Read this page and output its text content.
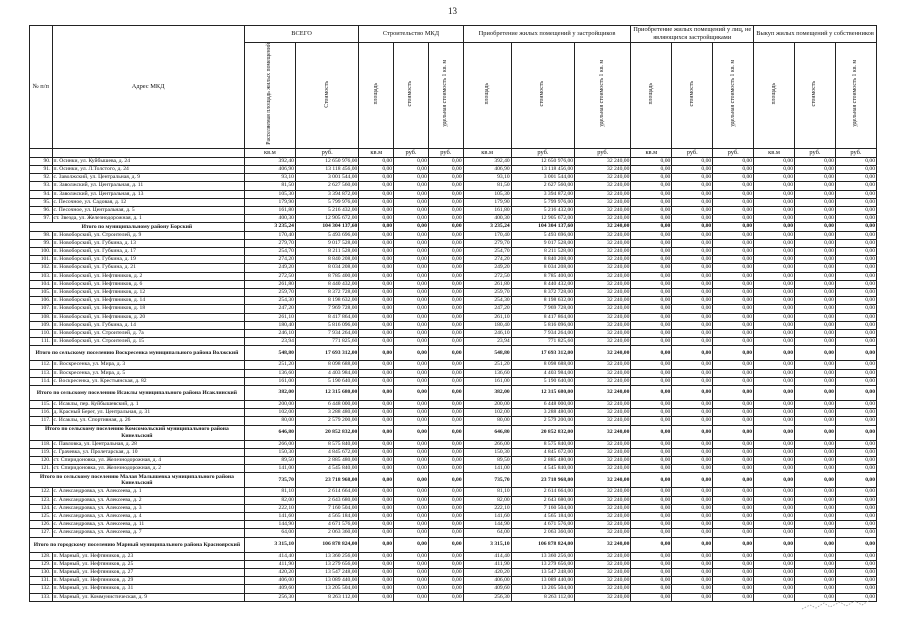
13
№ п/п	Адрес МКД	ВСЕГО		Строительство МКД			Приобретение жилых помещений у застройщиков			Приобретение жилых помещений у лиц, не являющихся застройщиками			Выкуп жилых помещений у собственников		
		Расселяемая площадь жилых помещений	Стоимость	площадь	стоимость	удельная стоимость 1 кв. м	площадь	стоимость	удельная стоимость 1 кв. м	площадь	стоимость	удельная стоимость 1 кв. м	площадь	стоимость	удельная стоимость 1 кв. м
		кв.м	руб.	кв.м	руб.	руб.	кв.м	руб.	руб.	кв.м	руб.	руб.	кв.м	руб.	руб.
90.	п. Осинки, ул. Куйбышева, д. 24	392,40	12 650 976,00	0,00	0,00	0,00	392,40	12 650 976,00	32 240,00	0,00	0,00	0,00	0,00	0,00	0,00
91.	п. Осинки, ул. Л.Толстого, д. 24	406,90	13 118 456,00	0,00	0,00	0,00	406,90	13 118 456,00	32 240,00	0,00	0,00	0,00	0,00	0,00	0,00
92.	с. Заволжский, ул. Центральная, д. 9	93,10	3 001 544,00	0,00	0,00	0,00	93,10	3 001 544,00	32 240,00	0,00	0,00	0,00	0,00	0,00	0,00
93.	п. Заволжский, ул. Центральная, д. 11	81,50	2 627 560,00	0,00	0,00	0,00	81,50	2 627 560,00	32 240,00	0,00	0,00	0,00	0,00	0,00	0,00
94.	п. Заволжский, ул. Центральная, д. 13	105,30	3 394 872,00	0,00	0,00	0,00	105,30	3 394 872,00	32 240,00	0,00	0,00	0,00	0,00	0,00	0,00
95.	с. Песочное, ул. Садовая, д. 12	179,90	5 799 976,00	0,00	0,00	0,00	179,90	5 799 976,00	32 240,00	0,00	0,00	0,00	0,00	0,00	0,00
96.	с. Песочное, ул. Центральная, д. 5	161,80	5 216 432,00	0,00	0,00	0,00	161,80	5 216 432,00	32 240,00	0,00	0,00	0,00	0,00	0,00	0,00
97.	ст. Звезда, ул. Железнодорожная, д. 1	400,30	12 905 672,00	0,00	0,00	0,00	400,30	12 905 672,00	32 240,00	0,00	0,00	0,00	0,00	0,00	0,00
Итого по муниципальному району Борский		3 235,24	104 304 137,60	0,00	0,00	0,00	3 235,24	104 304 137,60	32 240,00	0,00	0,00	0,00	0,00	0,00	0,00
98.	п. Новоборский, ул. Строителей, д. 9	170,40	5 493 696,00	0,00	0,00	0,00	170,40	5 493 696,00	32 240,00	0,00	0,00	0,00	0,00	0,00	0,00
99.	п. Новоборский, ул. Губкина, д. 13	279,70	9 017 528,00	0,00	0,00	0,00	279,70	9 017 528,00	32 240,00	0,00	0,00	0,00	0,00	0,00	0,00
100.	п. Новоборский, ул. Губкина, д. 17	254,70	8 211 528,00	0,00	0,00	0,00	254,70	8 211 528,00	32 240,00	0,00	0,00	0,00	0,00	0,00	0,00
101.	п. Новоборский, ул. Губкина, д. 19	274,20	8 840 208,00	0,00	0,00	0,00	274,20	8 840 208,00	32 240,00	0,00	0,00	0,00	0,00	0,00	0,00
102.	п. Новоборский, ул. Губкина, д. 21	249,20	8 034 208,00	0,00	0,00	0,00	249,20	8 034 208,00	32 240,00	0,00	0,00	0,00	0,00	0,00	0,00
103.	п. Новоборский, ул. Нефтяников, д. 2	272,50	8 785 400,00	0,00	0,00	0,00	272,50	8 785 400,00	32 240,00	0,00	0,00	0,00	0,00	0,00	0,00
104.	п. Новоборский, ул. Нефтяников, д. 6	261,80	8 440 432,00	0,00	0,00	0,00	261,80	8 440 432,00	32 240,00	0,00	0,00	0,00	0,00	0,00	0,00
105.	п. Новоборский, ул. Нефтяников, д. 12	259,70	8 372 728,00	0,00	0,00	0,00	259,70	8 372 728,00	32 240,00	0,00	0,00	0,00	0,00	0,00	0,00
106.	п. Новоборский, ул. Нефтяников, д. 14	254,30	8 198 632,00	0,00	0,00	0,00	254,30	8 198 632,00	32 240,00	0,00	0,00	0,00	0,00	0,00	0,00
107.	п. Новоборский, ул. Нефтяников, д. 18	247,20	7 969 728,00	0,00	0,00	0,00	247,20	7 969 728,00	32 240,00	0,00	0,00	0,00	0,00	0,00	0,00
108.	п. Новоборский, ул. Нефтяников, д. 20	261,10	8 417 864,00	0,00	0,00	0,00	261,10	8 417 864,00	32 240,00	0,00	0,00	0,00	0,00	0,00	0,00
109.	п. Новоборский, ул. Губкина, д. 14	180,40	5 816 096,00	0,00	0,00	0,00	180,40	5 816 096,00	32 240,00	0,00	0,00	0,00	0,00	0,00	0,00
110.	п. Новоборский, ул. Строителей, д. 7а	246,10	7 934 264,00	0,00	0,00	0,00	246,10	7 934 264,00	32 240,00	0,00	0,00	0,00	0,00	0,00	0,00
111.	п. Новоборский, ул. Строителей, д. 15	23,94	771 825,60	0,00	0,00	0,00	23,94	771 825,60	32 240,00	0,00	0,00	0,00	0,00	0,00	0,00
Итого по сельскому поселению Воскресенка муниципального района Волжский		548,80	17 693 312,00	0,00	0,00	0,00	548,80	17 693 312,00	32 240,00	0,00	0,00	0,00	0,00	0,00	0,00
112.	п. Воскресенка, ул. Мира, д. 3	251,20	8 098 688,00	0,00	0,00	0,00	251,20	8 098 688,00	32 240,00	0,00	0,00	0,00	0,00	0,00	0,00
113.	п. Воскресенка, ул. Мира, д. 5	136,60	4 403 984,00	0,00	0,00	0,00	136,60	4 403 984,00	32 240,00	0,00	0,00	0,00	0,00	0,00	0,00
114.	с. Воскресенка, ул. Крестьянская, д. 82	161,00	5 190 640,00	0,00	0,00	0,00	161,00	5 190 640,00	32 240,00	0,00	0,00	0,00	0,00	0,00	0,00
Итого по сельскому поселению Исаклы муниципального района Исаклинский		382,00	12 315 680,00	0,00	0,00	0,00	382,00	12 315 680,00	32 240,00	0,00	0,00	0,00	0,00	0,00	0,00
115.	с. Исаклы, пер. Куйбышевский, д. 1	200,00	6 448 000,00	0,00	0,00	0,00	200,00	6 448 000,00	32 240,00	0,00	0,00	0,00	0,00	0,00	0,00
116.	д. Красный Берег, ул. Центральная, д. 31	102,00	3 288 480,00	0,00	0,00	0,00	102,00	3 288 480,00	32 240,00	0,00	0,00	0,00	0,00	0,00	0,00
117.	с. Исаклы, ул. Спортивная, д. 26	80,00	2 579 200,00	0,00	0,00	0,00	80,00	2 579 200,00	32 240,00	0,00	0,00	0,00	0,00	0,00	0,00
Итого по сельскому поселению Комсомольский муниципального района Кинельский		646,80	20 852 832,00	0,00	0,00	0,00	646,80	20 852 832,00	32 240,00	0,00	0,00	0,00	0,00	0,00	0,00
118.	с. Павловка, ул. Центральная, д. 28	266,00	8 575 840,00	0,00	0,00	0,00	266,00	8 575 840,00	32 240,00	0,00	0,00	0,00	0,00	0,00	0,00
119.	с. Грачевка, ул. Пролетарская, д. 10	150,30	4 845 672,00	0,00	0,00	0,00	150,30	4 845 672,00	32 240,00	0,00	0,00	0,00	0,00	0,00	0,00
120.	ст. Спиридоновка, ул. Железнодорожная, д. 4	89,50	2 885 480,00	0,00	0,00	0,00	89,50	2 885 480,00	32 240,00	0,00	0,00	0,00	0,00	0,00	0,00
121.	ст. Спиридоновка, ул. Железнодорожная, д. 2	141,00	4 545 840,00	0,00	0,00	0,00	141,00	4 545 840,00	32 240,00	0,00	0,00	0,00	0,00	0,00	0,00
Итого по сельскому поселению Малая Малышевка муниципального района Кинельский		735,70	23 718 968,00	0,00	0,00	0,00	735,70	23 718 968,00	32 240,00	0,00	0,00	0,00	0,00	0,00	0,00
122.	с. Александровка, ул. Алексеева, д. 1	81,10	2 614 664,00	0,00	0,00	0,00	81,10	2 614 664,00	32 240,00	0,00	0,00	0,00	0,00	0,00	0,00
123.	с. Александровка, ул. Алексеева, д. 2	82,00	2 643 680,00	0,00	0,00	0,00	82,00	2 643 680,00	32 240,00	0,00	0,00	0,00	0,00	0,00	0,00
124.	с. Александровка, ул. Алексеева, д. 3	222,10	7 160 504,00	0,00	0,00	0,00	222,10	7 160 504,00	32 240,00	0,00	0,00	0,00	0,00	0,00	0,00
125.	с. Александровка, ул. Алексеева, д. 4	141,60	4 565 184,00	0,00	0,00	0,00	141,60	4 565 184,00	32 240,00	0,00	0,00	0,00	0,00	0,00	0,00
126.	с. Александровка, ул. Алексеева, д. 11	144,90	4 671 576,00	0,00	0,00	0,00	144,90	4 671 576,00	32 240,00	0,00	0,00	0,00	0,00	0,00	0,00
127.	с. Александровка, ул. Алексеева, д. 7	64,00	2 063 360,00	0,00	0,00	0,00	64,00	2 063 360,00	32 240,00	0,00	0,00	0,00	0,00	0,00	0,00
Итого по городскому поселению Марный муниципального района Красноярский		3 315,10	106 878 824,00	0,00	0,00	0,00	3 315,10	106 878 824,00	32 240,00	0,00	0,00	0,00	0,00	0,00	0,00
128.	п. Марный, ул. Нефтяников, д. 23	414,40	13 360 256,00	0,00	0,00	0,00	414,40	13 360 256,00	32 240,00	0,00	0,00	0,00	0,00	0,00	0,00
129.	п. Марный, ул. Нефтяников, д. 25	411,90	13 279 656,00	0,00	0,00	0,00	411,90	13 279 656,00	32 240,00	0,00	0,00	0,00	0,00	0,00	0,00
130.	п. Марный, ул. Нефтяников, д. 27	420,20	13 547 248,00	0,00	0,00	0,00	420,20	13 547 248,00	32 240,00	0,00	0,00	0,00	0,00	0,00	0,00
131.	п. Марный, ул. Нефтяников, д. 29	406,00	13 089 440,00	0,00	0,00	0,00	406,00	13 089 440,00	32 240,00	0,00	0,00	0,00	0,00	0,00	0,00
132.	п. Марный, ул. Нефтяников, д. 31	409,60	13 205 504,00	0,00	0,00	0,00	409,60	13 205 504,00	32 240,00	0,00	0,00	0,00	0,00	0,00	0,00
133.	п. Марный, ул. Коммунистическая, д. 9	256,30	8 263 112,00	0,00	0,00	0,00	256,30	8 263 112,00	32 240,00	0,00	0,00	0,00	0,00	0,00	0,00
